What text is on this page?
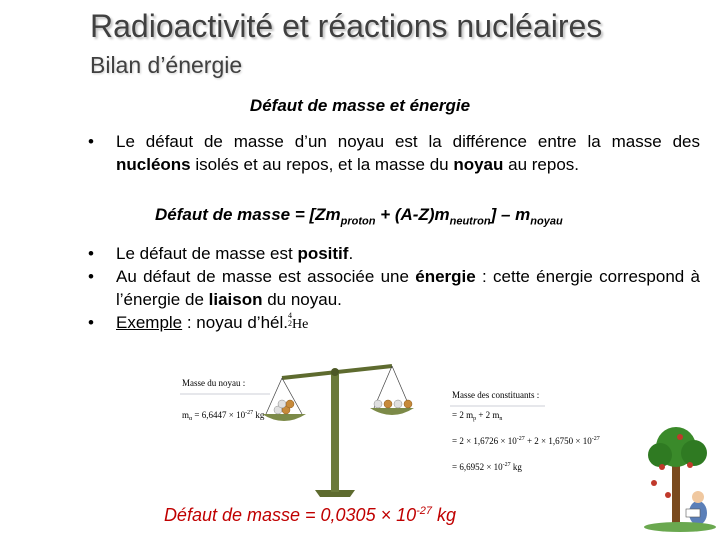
Radioactivité et réactions nucléaires
Bilan d’énergie
Défaut de masse et énergie
• Le défaut de masse d’un noyau est la différence entre la masse des nucléons isolés et au repos, et la masse du noyau au repos.
Défaut de masse = $[Zm_{proton} + (A-Z)m_{neutron}] - m_{noyau}$
• Le défaut de masse est positif.
• Au défaut de masse est associée une énergie : cette énergie correspond à l’énergie de liaison du noyau.
• Exemple : noyau d’hél.4
2He
Masse du noyau :
$m_\alpha = 6,6447 \times 10^{-27}$ kg
Masse des constituants :
= 2 $m_p + 2$ $m_n$
= $2 \times 1,6726 \times 10^{-27} + 2 \times 1,6750 \times 10^{-27}$
= $6,6952 \times 10^{-27}$ kg
Défaut de masse = $0,0305 \times 10^{-27}$ kg
